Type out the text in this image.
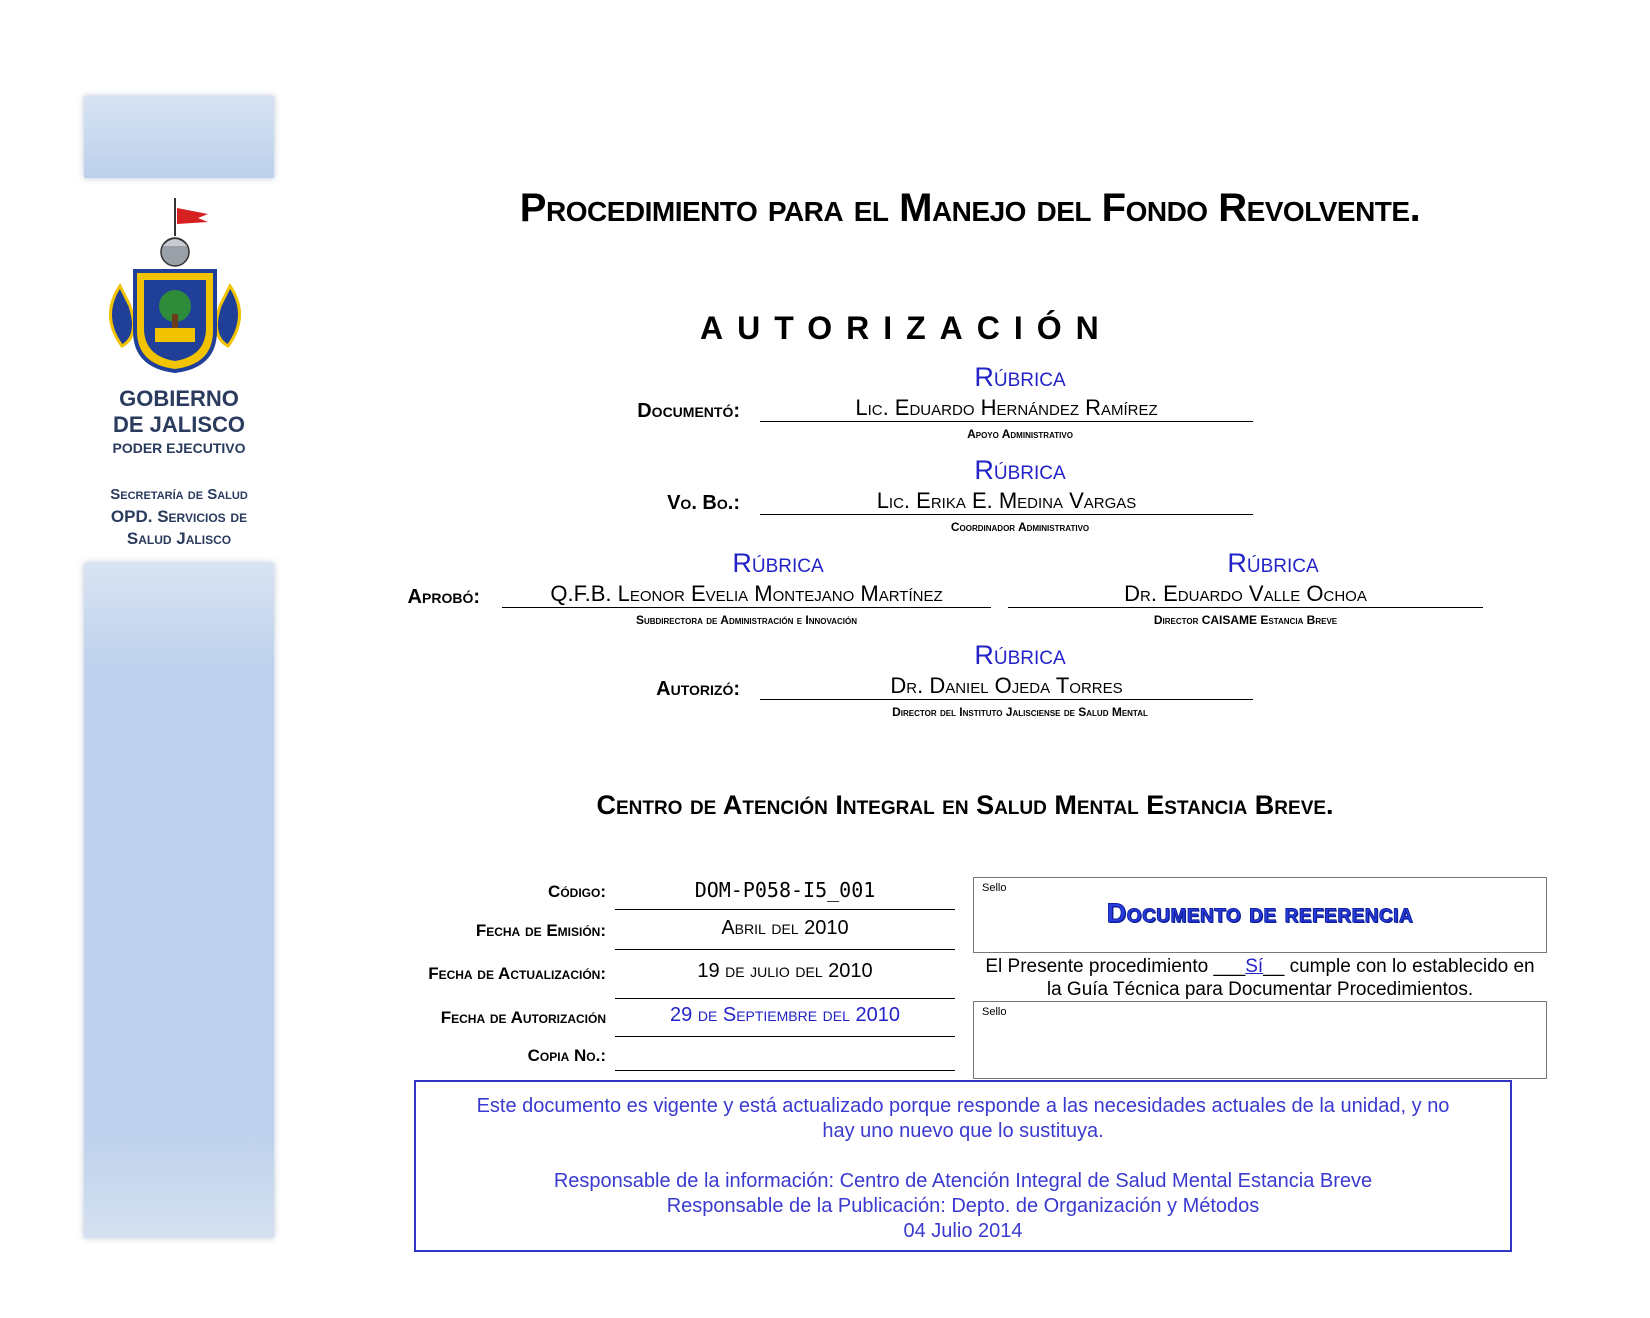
GOBIERNO
DE JALISCO
PODER EJECUTIVO
Secretaría de Salud
OPD. Servicios de
Salud Jalisco
Procedimiento para el Manejo del Fondo Revolvente.
AUTORIZACIÓN
Rúbrica
Documentó:	Lic. Eduardo Hernández Ramírez
Apoyo Administrativo
Rúbrica
Vo. Bo.:	Lic. Erika E. Medina Vargas
Coordinador Administrativo
Rúbrica	Rúbrica
Aprobó:	Q.F.B. Leonor Evelia Montejano Martínez	Dr. Eduardo Valle Ochoa
Subdirectora de Administración e Innovación	Director CAISAME Estancia Breve
Rúbrica
Autorizó:	Dr. Daniel Ojeda Torres
Director del Instituto Jalisciense de Salud Mental
Centro de Atención Integral en Salud Mental Estancia Breve.
Código:	DOM-P058-I5_001
Fecha de Emisión:	Abril del 2010
Fecha de Actualización:	19 de julio del 2010
Fecha de Autorización	29 de Septiembre del 2010
Copia No.:
Sello
Documento de referencia
El Presente procedimiento ___Sí__ cumple con lo establecido en
la Guía Técnica para Documentar Procedimientos.
Sello
Este documento es vigente y está actualizado porque responde a las necesidades actuales de la unidad, y no
hay uno nuevo que lo sustituya.
Responsable de la información: Centro de Atención Integral de Salud Mental Estancia Breve
Responsable de la Publicación: Depto. de Organización y Métodos
04 Julio 2014
